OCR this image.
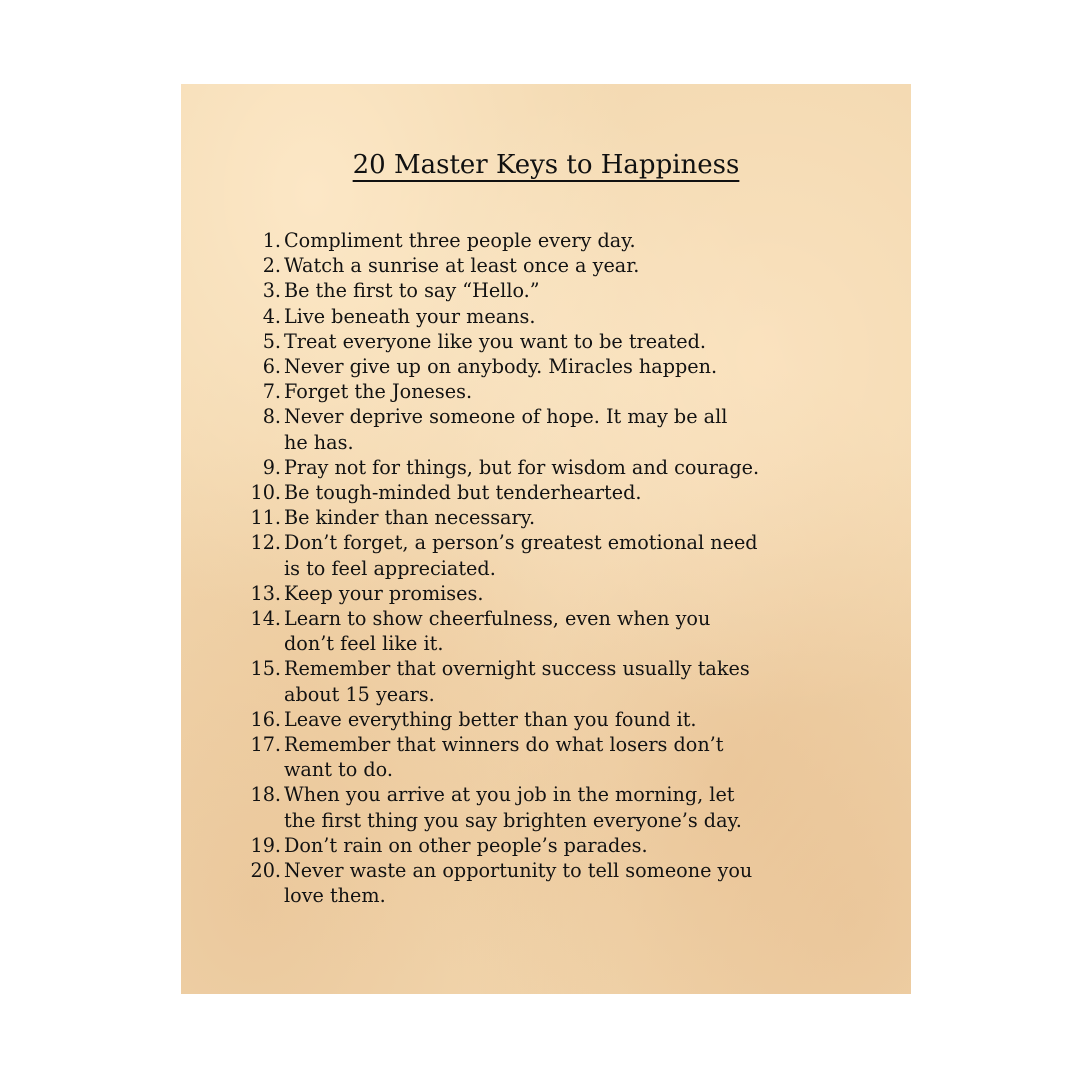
20 Master Keys to Happiness
1. Compliment three people every day.
2. Watch a sunrise at least once a year.
3. Be the first to say “Hello.”
4. Live beneath your means.
5. Treat everyone like you want to be treated.
6. Never give up on anybody. Miracles happen.
7. Forget the Joneses.
8. Never deprive someone of hope. It may be all
he has.
9. Pray not for things, but for wisdom and courage.
10. Be tough-minded but tenderhearted.
11. Be kinder than necessary.
12. Don’t forget, a person’s greatest emotional need
is to feel appreciated.
13. Keep your promises.
14. Learn to show cheerfulness, even when you
don’t feel like it.
15. Remember that overnight success usually takes
about 15 years.
16. Leave everything better than you found it.
17. Remember that winners do what losers don’t
want to do.
18. When you arrive at you job in the morning, let
the first thing you say brighten everyone’s day.
19. Don’t rain on other people’s parades.
20. Never waste an opportunity to tell someone you
love them.
